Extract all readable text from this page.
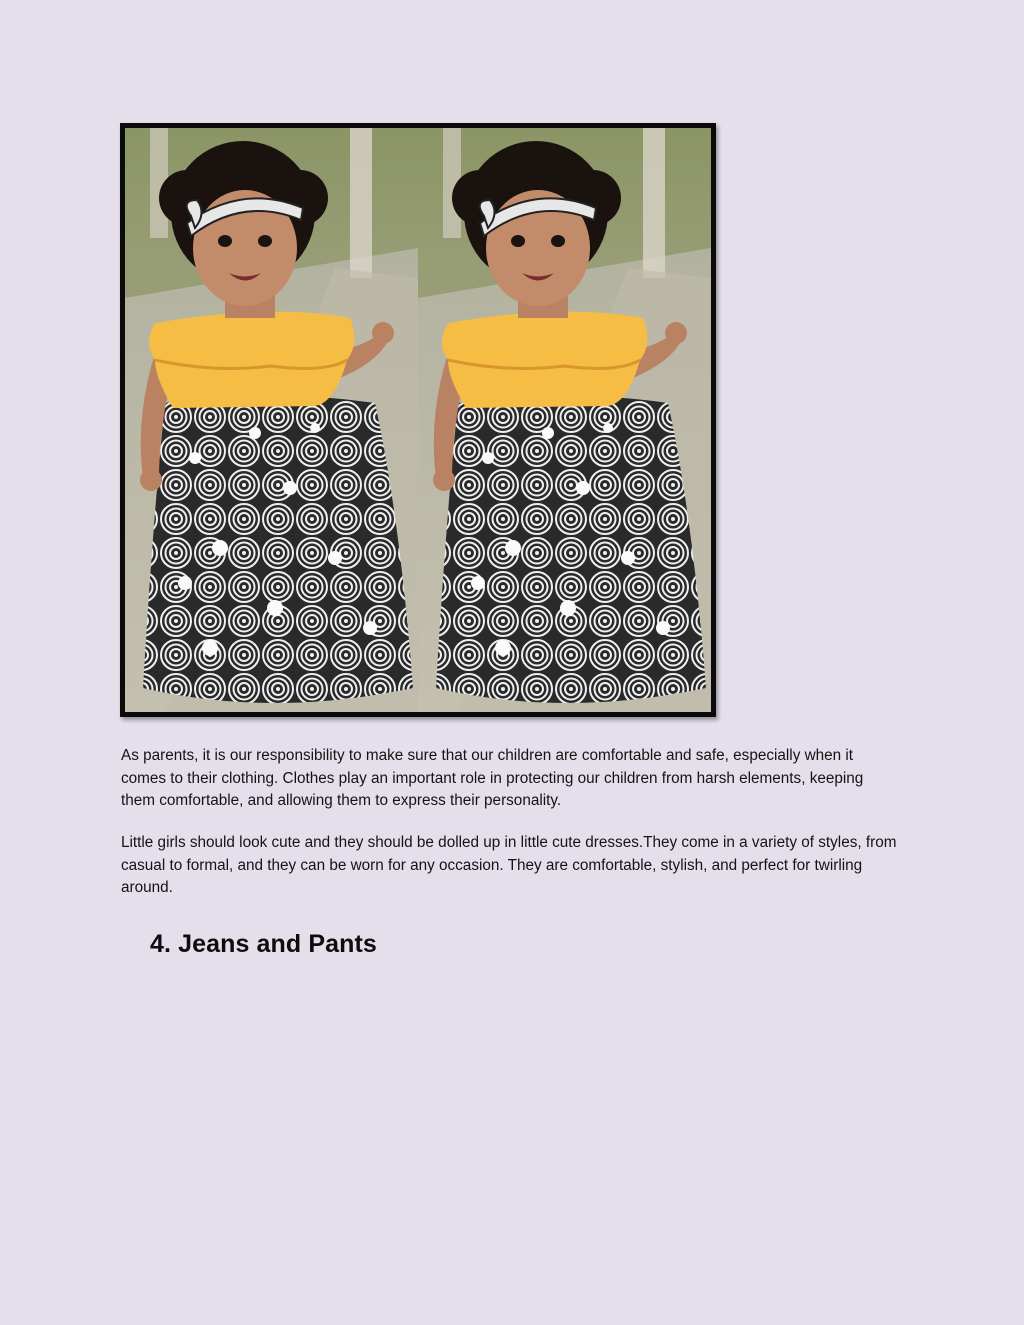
As parents, it is our responsibility to make sure that our children are comfortable and safe, especially when it comes to their clothing. Clothes play an important role in protecting our children from harsh elements, keeping them comfortable, and allowing them to express their personality.

Little girls should look cute and they should be dolled up in little cute dresses.They come in a variety of styles, from casual to formal, and they can be worn for any occasion. They are comfortable, stylish, and perfect for twirling around.

4. Jeans and Pants
